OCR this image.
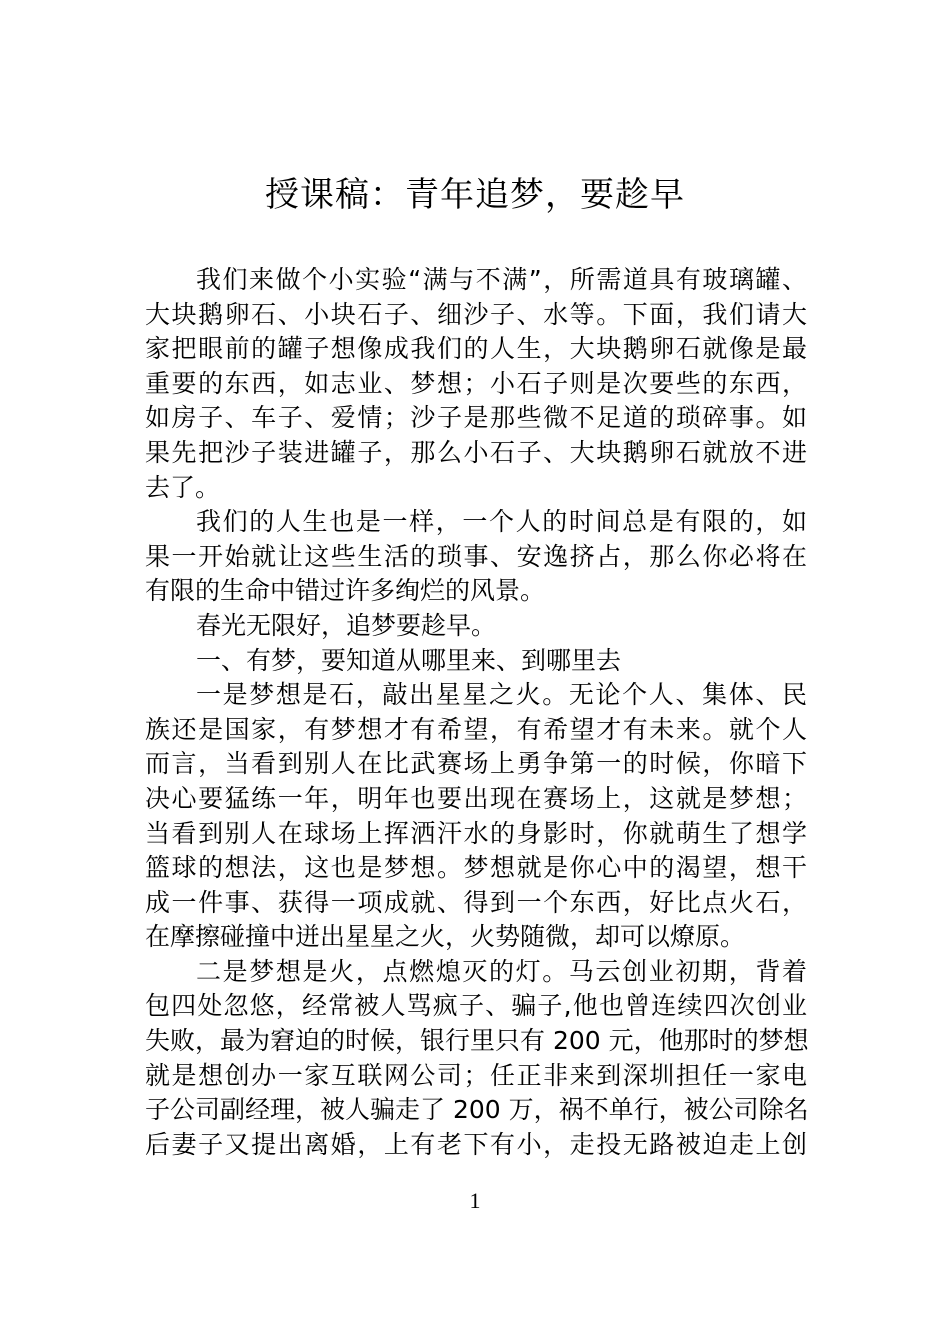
授课稿：青年追梦，要趁早
我们来做个小实验“满与不满”，所需道具有玻璃罐、
大块鹅卵石、小块石子、细沙子、水等。下面，我们请大
家把眼前的罐子想像成我们的人生，大块鹅卵石就像是最
重要的东西，如志业、梦想；小石子则是次要些的东西，
如房子、车子、爱情；沙子是那些微不足道的琐碎事。如
果先把沙子装进罐子，那么小石子、大块鹅卵石就放不进
去了。
我们的人生也是一样，一个人的时间总是有限的，如
果一开始就让这些生活的琐事、安逸挤占，那么你必将在
有限的生命中错过许多绚烂的风景。
春光无限好，追梦要趁早。
一、有梦，要知道从哪里来、到哪里去
一是梦想是石，敲出星星之火。无论个人、集体、民
族还是国家，有梦想才有希望，有希望才有未来。就个人
而言，当看到别人在比武赛场上勇争第一的时候，你暗下
决心要猛练一年，明年也要出现在赛场上，这就是梦想；
当看到别人在球场上挥洒汗水的身影时，你就萌生了想学
篮球的想法，这也是梦想。梦想就是你心中的渴望，想干
成一件事、获得一项成就、得到一个东西，好比点火石，
在摩擦碰撞中迸出星星之火，火势随微，却可以燎原。
二是梦想是火，点燃熄灭的灯。马云创业初期，背着
包四处忽悠，经常被人骂疯子、骗子,他也曾连续四次创业
失败，最为窘迫的时候，银行里只有 200 元，他那时的梦想
就是想创办一家互联网公司；任正非来到深圳担任一家电
子公司副经理，被人骗走了 200 万，祸不单行，被公司除名
后妻子又提出离婚，上有老下有小，走投无路被迫走上创
1
